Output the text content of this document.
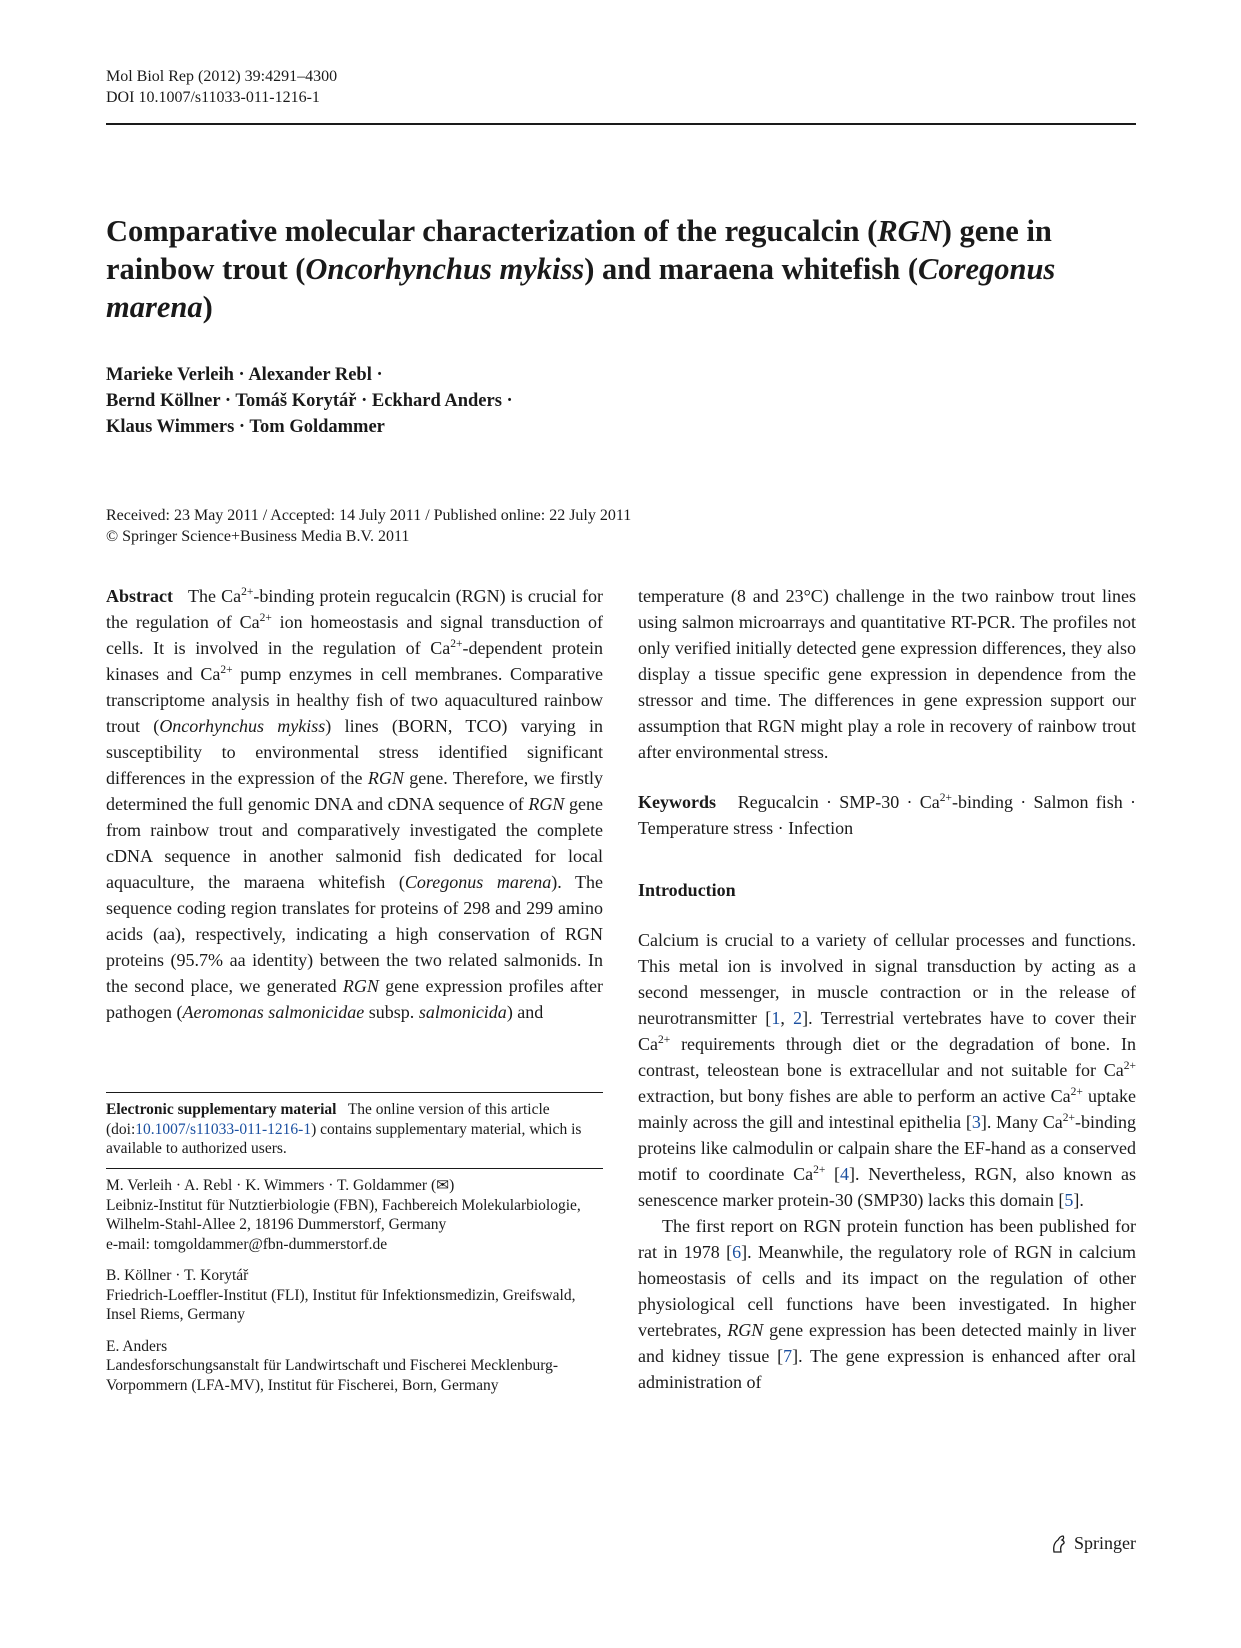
Mol Biol Rep (2012) 39:4291–4300
DOI 10.1007/s11033-011-1216-1
Comparative molecular characterization of the regucalcin (RGN) gene in rainbow trout (Oncorhynchus mykiss) and maraena whitefish (Coregonus marena)
Marieke Verleih · Alexander Rebl ·
Bernd Köllner · Tomáš Korytář · Eckhard Anders ·
Klaus Wimmers · Tom Goldammer
Received: 23 May 2011 / Accepted: 14 July 2011 / Published online: 22 July 2011
© Springer Science+Business Media B.V. 2011

Abstract The $Ca^{2+}$-binding protein regucalcin (RGN) is crucial for the regulation of $Ca^{2+}$ ion homeostasis and signal transduction of cells. It is involved in the regulation of $Ca^{2+}$-dependent protein kinases and $Ca^{2+}$ pump enzymes in cell membranes. Comparative transcriptome analysis in healthy fish of two aquacultured rainbow trout (Oncorhynchus mykiss) lines (BORN, TCO) varying in susceptibility to environmental stress identified significant differences in the expression of the RGN gene. Therefore, we firstly determined the full genomic DNA and cDNA sequence of RGN gene from rainbow trout and comparatively investigated the complete cDNA sequence in another salmonid fish dedicated for local aquaculture, the maraena whitefish (Coregonus marena). The sequence coding region translates for proteins of 298 and 299 amino acids (aa), respectively, indicating a high conservation of RGN proteins (95.7% aa identity) between the two related salmonids. In the second place, we generated RGN gene expression profiles after pathogen (Aeromonas salmonicidae subsp. salmonicida) and

Electronic supplementary material The online version of this article (doi:10.1007/s11033-011-1216-1) contains supplementary material, which is available to authorized users.

M. Verleih · A. Rebl · K. Wimmers · T. Goldammer (✉)

Leibniz-Institut für Nutztierbiologie (FBN), Fachbereich Molekularbiologie, Wilhelm-Stahl-Allee 2, 18196 Dummerstorf, Germany

e-mail: tomgoldammer@fbn-dummerstorf.de

B. Köllner · T. Korytář

Friedrich-Loeffler-Institut (FLI), Institut für Infektionsmedizin, Greifswald, Insel Riems, Germany

E. Anders

Landesforschungsanstalt für Landwirtschaft und Fischerei Mecklenburg-Vorpommern (LFA-MV), Institut für Fischerei, Born, Germany

temperature (8 and 23°C) challenge in the two rainbow trout lines using salmon microarrays and quantitative RT-PCR. The profiles not only verified initially detected gene expression differences, they also display a tissue specific gene expression in dependence from the stressor and time. The differences in gene expression support our assumption that RGN might play a role in recovery of rainbow trout after environmental stress.

Keywords Regucalcin · $SMP-30 \cdot Ca^{2+}$-binding · Salmon fish · Temperature stress · Infection

Introduction

Calcium is crucial to a variety of cellular processes and functions. This metal ion is involved in signal transduction by acting as a second messenger, in muscle contraction or in the release of neurotransmitter [1, 2]. Terrestrial vertebrates have to cover their $Ca^{2+}$ requirements through diet or the degradation of bone. In contrast, teleostean bone is extracellular and not suitable for $Ca^{2+}$ extraction, but bony fishes are able to perform an active $Ca^{2+}$ uptake mainly across the gill and intestinal epithelia [3]. Many $Ca^{2+}$-binding proteins like calmodulin or calpain share the EF-hand as a conserved motif to coordinate $Ca^{2+}$ [4]. Nevertheless, RGN, also known as senescence marker protein-30 (SMP30) lacks this domain [5].

The first report on RGN protein function has been published for rat in 1978 [6]. Meanwhile, the regulatory role of RGN in calcium homeostasis of cells and its impact on the regulation of other physiological cell functions have been investigated. In higher vertebrates, RGN gene expression has been detected mainly in liver and kidney tissue [7]. The gene expression is enhanced after oral administration of

Springer
